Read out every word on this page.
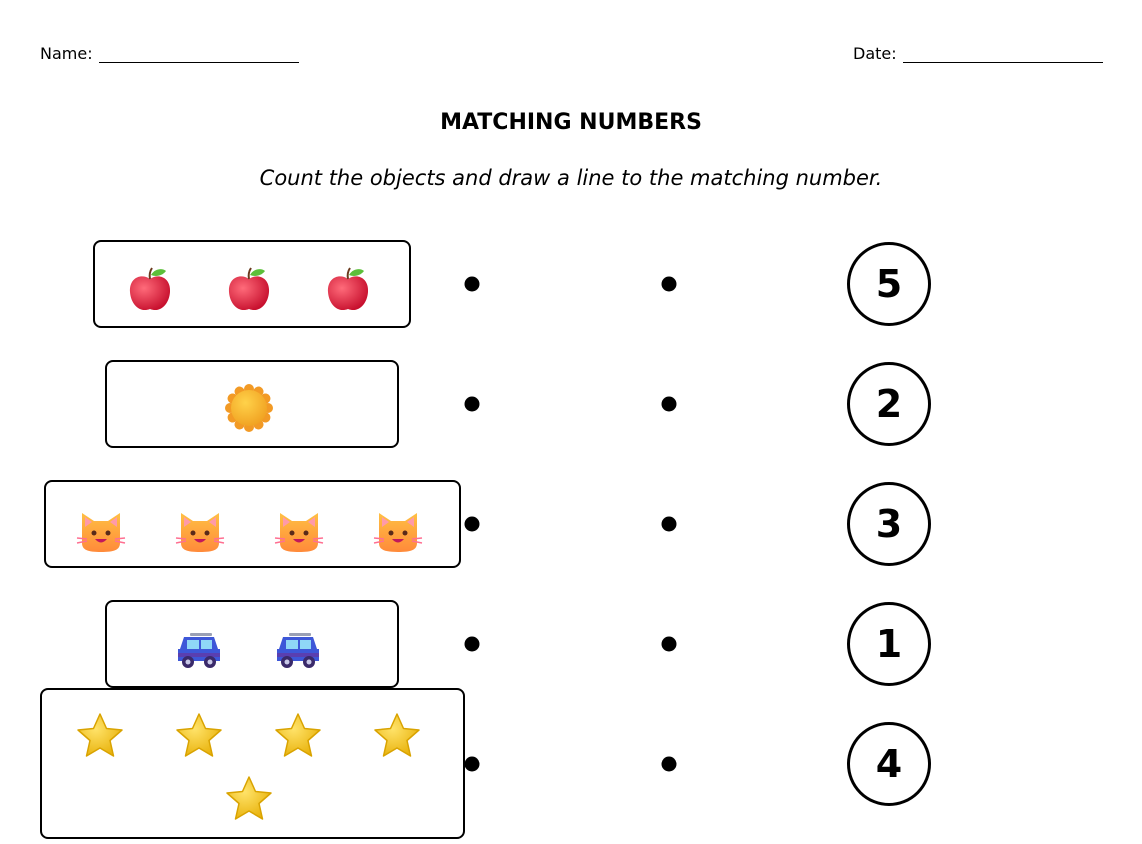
Name:	Date:
MATCHING NUMBERS
Count the objects and draw a line to the matching number.
5
2
3
1
4
